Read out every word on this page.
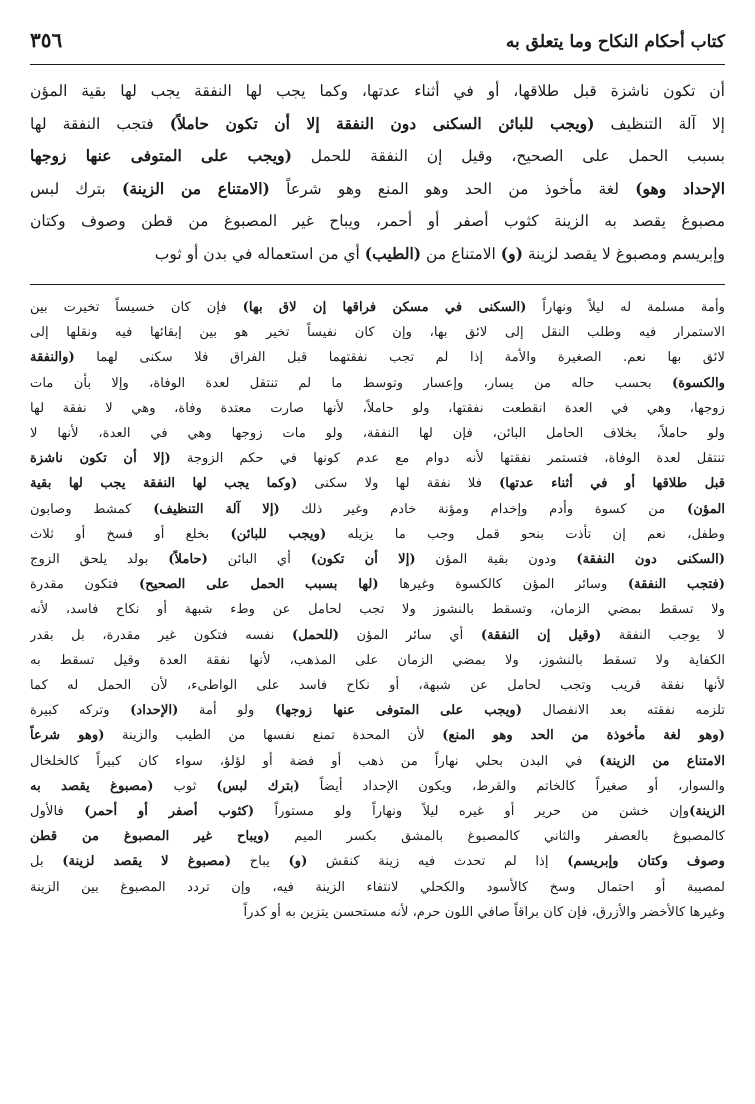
كتاب أحكام النكاح وما يتعلق به
٣٥٦
أن تكون ناشزة قبل طلاقها، أو في أثناء عدتها، وكما يجب لها النفقة يجب لها بقية المؤن
إلا آلة التنظيف (ويجب للبائن السكنى دون النفقة إلا أن تكون حاملاً) فتجب النفقة لها
بسبب الحمل على الصحيح، وقيل إن النفقة للحمل (ويجب على المتوفى عنها زوجها
الإحداد وهو) لغة مأخوذ من الحد وهو المنع وهو شرعاً (الامتناع من الزينة) بترك لبس
مصبوغ يقصد به الزينة كثوب أصفر أو أحمر، ويباح غير المصبوغ من قطن وصوف وكتان
وإبريسم ومصبوغ لا يقصد لزينة (و) الامتناع من (الطيب) أي من استعماله في بدن أو ثوب
وأمة مسلمة له ليلاً ونهاراً (السكنى في مسكن فراقها إن لاق بها) فإن كان خسيساً تخيرت بين
الاستمرار فيه وطلب النقل إلى لائق بها، وإن كان نفيساً تخير هو بين إبقائها فيه ونقلها إلى
لائق بها نعم. الصغيرة والأمة إذا لم تجب نفقتهما قبل الفراق فلا سكنى لهما (والنفقة
والكسوة) بحسب حاله من يسار، وإعسار وتوسط ما لم تنتقل لعدة الوفاة، وإلا بأن مات
زوجها، وهي في العدة انقطعت نفقتها، ولو حاملاً، لأنها صارت معتدة وفاة، وهي لا نفقة لها
ولو حاملاً، بخلاف الحامل البائن، فإن لها النفقة، ولو مات زوجها وهي في العدة، لأنها لا
تنتقل لعدة الوفاة، فتستمر نفقتها لأنه دوام مع عدم كونها في حكم الزوجة (إلا أن تكون ناشزة
قبل طلاقها أو في أثناء عدتها) فلا نفقة لها ولا سكنى (وكما يجب لها النفقة يجب لها بقية
المؤن) من كسوة وأدم وإخدام ومؤنة خادم وغير ذلك (إلا آلة التنظيف) كمشط وصابون
وطفل، نعم إن تأذت بنحو قمل وجب ما يزيله (ويجب للبائن) بخلع أو فسخ أو ثلاث
(السكنى دون النفقة) ودون بقية المؤن (إلا أن تكون) أي البائن (حاملاً) بولد يلحق الزوج
(فتجب النفقة) وسائر المؤن كالكسوة وغيرها (لها بسبب الحمل على الصحيح) فتكون مقدرة
ولا تسقط بمضي الزمان، وتسقط بالنشوز ولا تجب لحامل عن وطء شبهة أو نكاح فاسد، لأنه
لا يوجب النفقة (وقيل إن النفقة) أي سائر المؤن (للحمل) نفسه فتكون غير مقدرة، بل بقدر
الكفاية ولا تسقط بالنشوز، ولا بمضي الزمان على المذهب، لأنها نفقة العدة وقيل تسقط به
لأنها نفقة قريب وتجب لحامل عن شبهة، أو نكاح فاسد على الواطىء، لأن الحمل له كما
تلزمه نفقته بعد الانفصال (ويجب على المتوفى عنها زوجها) ولو أمة (الإحداد) وتركه كبيرة
(وهو لغة مأخوذة من الحد وهو المنع) لأن المحدة تمنع نفسها من الطيب والزينة (وهو شرعاً
الامتناع من الزينة) في البدن بحلي نهاراً من ذهب أو فضة أو لؤلؤ، سواء كان كبيراً كالخلخال
والسوار، أو صغيراً كالخاتم والقرط، ويكون الإحداد أيضاً (بترك لبس) ثوب (مصبوغ يقصد به
الزينة)وإن خشن من حرير أو غيره ليلاً ونهاراً ولو مستوراً (كثوب أصفر أو أحمر) فالأول
كالمصبوغ بالعصفر والثاني كالمصبوغ بالمشق بكسر الميم (ويباح غير المصبوغ من قطن
وصوف وكتان وإبريسم) إذا لم تحدث فيه زينة كنقش (و) يباح (مصبوغ لا يقصد لزينة) بل
لمصيبة أو احتمال وسخ كالأسود والكحلي لانتفاء الزينة فيه، وإن تردد المصبوغ بين الزينة
وغيرها كالأخضر والأزرق، فإن كان براقاً صافي اللون حرم، لأنه مستحسن يتزين به أو كدراً
